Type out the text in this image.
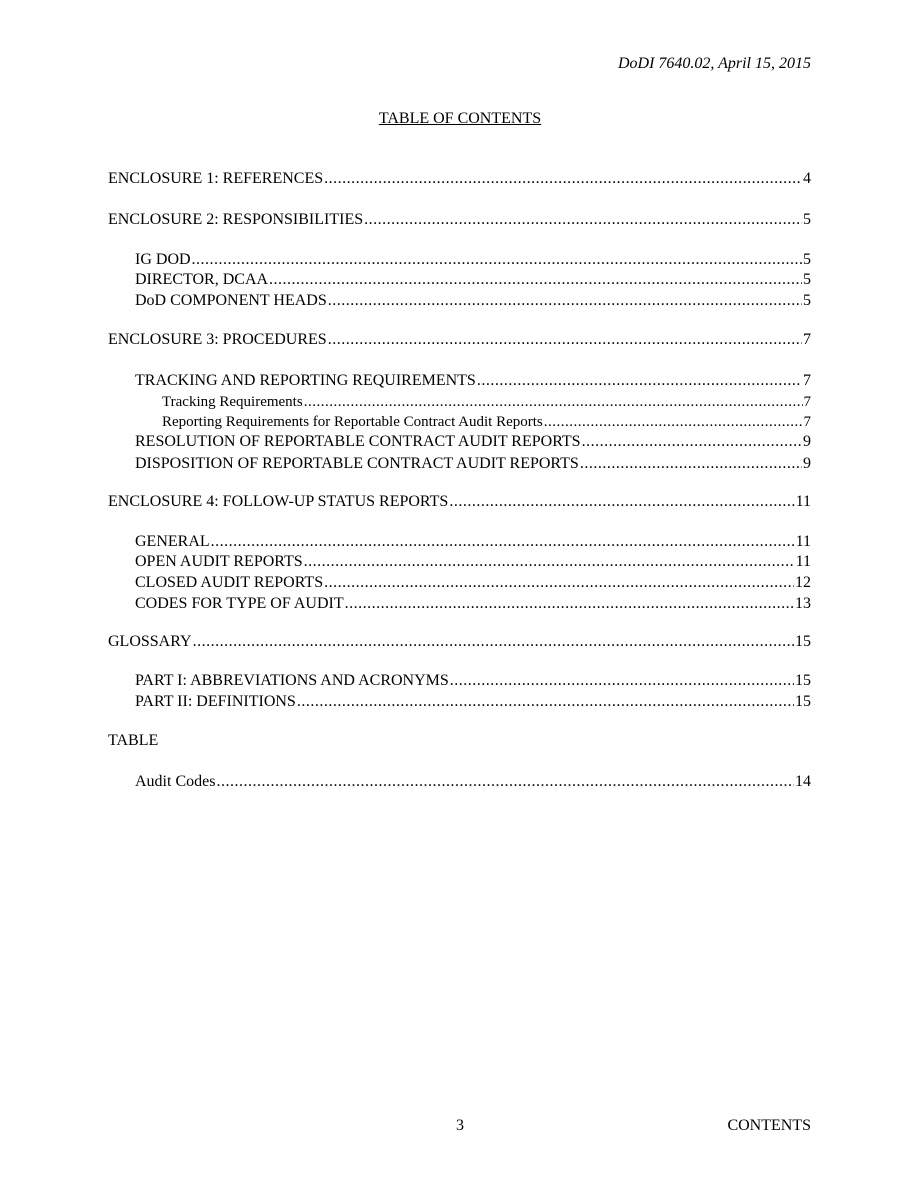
DoDI 7640.02, April 15, 2015
TABLE OF CONTENTS
ENCLOSURE 1: REFERENCES .....	4
ENCLOSURE 2: RESPONSIBILITIES .....	5
IG DOD .....	5
DIRECTOR, DCAA .....	5
DoD COMPONENT HEADS .....	5
ENCLOSURE 3: PROCEDURES .....	7
TRACKING AND REPORTING REQUIREMENTS .....	7
Tracking Requirements .....	7
Reporting Requirements for Reportable Contract Audit Reports .....	7
RESOLUTION OF REPORTABLE CONTRACT AUDIT REPORTS .....	9
DISPOSITION OF REPORTABLE CONTRACT AUDIT REPORTS .....	9
ENCLOSURE 4: FOLLOW-UP STATUS REPORTS .....	11
GENERAL .....	11
OPEN AUDIT REPORTS .....	11
CLOSED AUDIT REPORTS .....	12
CODES FOR TYPE OF AUDIT .....	13
GLOSSARY .....	15
PART I: ABBREVIATIONS AND ACRONYMS .....	15
PART II: DEFINITIONS .....	15
TABLE
Audit Codes .....	14
3	CONTENTS
